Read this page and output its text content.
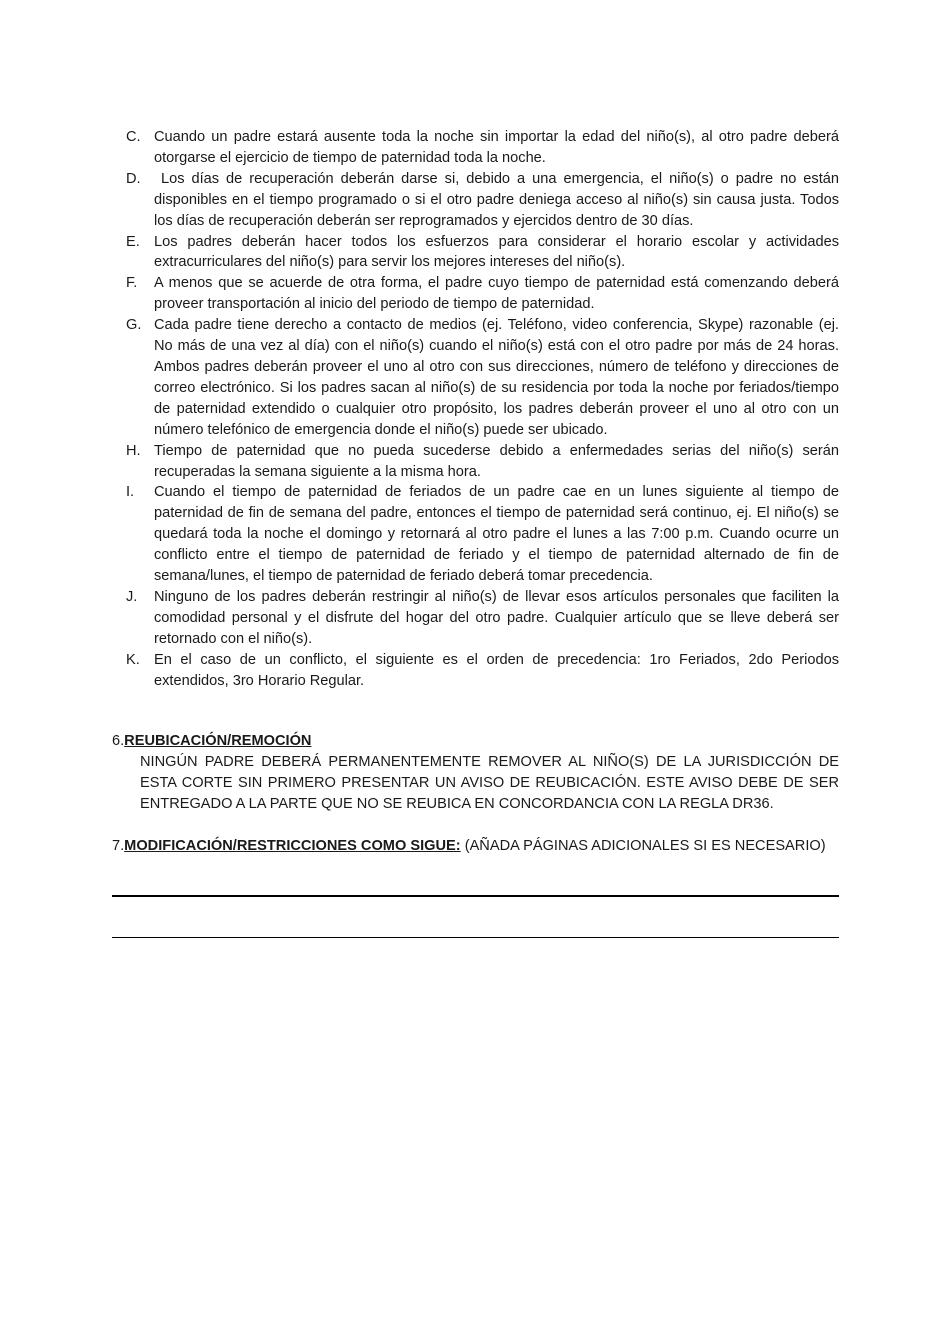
C. Cuando un padre estará ausente toda la noche sin importar la edad del niño(s), al otro padre deberá otorgarse el ejercicio de tiempo de paternidad toda la noche.
D. Los días de recuperación deberán darse si, debido a una emergencia, el niño(s) o padre no están disponibles en el tiempo programado o si el otro padre deniega acceso al niño(s) sin causa justa. Todos los días de recuperación deberán ser reprogramados y ejercidos dentro de 30 días.
E. Los padres deberán hacer todos los esfuerzos para considerar el horario escolar y actividades extracurriculares del niño(s) para servir los mejores intereses del niño(s).
F.	A menos que se acuerde de otra forma, el padre cuyo tiempo de paternidad está comenzando deberá proveer transportación al inicio del periodo de tiempo de paternidad.
G. Cada padre tiene derecho a contacto de medios (ej. Teléfono, video conferencia, Skype) razonable (ej. No más de una vez al día) con el niño(s) cuando el niño(s) está con el otro padre por más de 24 horas. Ambos padres deberán proveer el uno al otro con sus direcciones, número de teléfono y direcciones de correo electrónico. Si los padres sacan al niño(s) de su residencia por toda la noche por feriados/tiempo de paternidad extendido o cualquier otro propósito, los padres deberán proveer el uno al otro con un número telefónico de emergencia donde el niño(s) puede ser ubicado.
H. Tiempo de paternidad que no pueda sucederse debido a enfermedades serias del niño(s) serán recuperadas la semana siguiente a la misma hora.
I.	Cuando el tiempo de paternidad de feriados de un padre cae en un lunes siguiente al tiempo de paternidad de fin de semana del padre, entonces el tiempo de paternidad será continuo, ej. El niño(s) se quedará toda la noche el domingo y retornará al otro padre el lunes a las 7:00 p.m. Cuando ocurre un conflicto entre el tiempo de paternidad de feriado y el tiempo de paternidad alternado de fin de semana/lunes, el tiempo de paternidad de feriado deberá tomar precedencia.
J.	Ninguno de los padres deberán restringir al niño(s) de llevar esos artículos personales que faciliten la comodidad personal y el disfrute del hogar del otro padre. Cualquier artículo que se lleve deberá ser retornado con el niño(s).
K. En el caso de un conflicto, el siguiente es el orden de precedencia: 1ro Feriados, 2do Periodos extendidos, 3ro Horario Regular.
6.REUBICACIÓN/REMOCIÓN
NINGÚN PADRE DEBERÁ PERMANENTEMENTE REMOVER AL NIÑO(S) DE LA JURISDICCIÓN DE ESTA CORTE SIN PRIMERO PRESENTAR UN AVISO DE REUBICACIÓN. ESTE AVISO DEBE DE SER ENTREGADO A LA PARTE QUE NO SE REUBICA EN CONCORDANCIA CON LA REGLA DR36.
7.MODIFICACIÓN/RESTRICCIONES COMO SIGUE: (AÑADA PÁGINAS ADICIONALES SI ES NECESARIO)
